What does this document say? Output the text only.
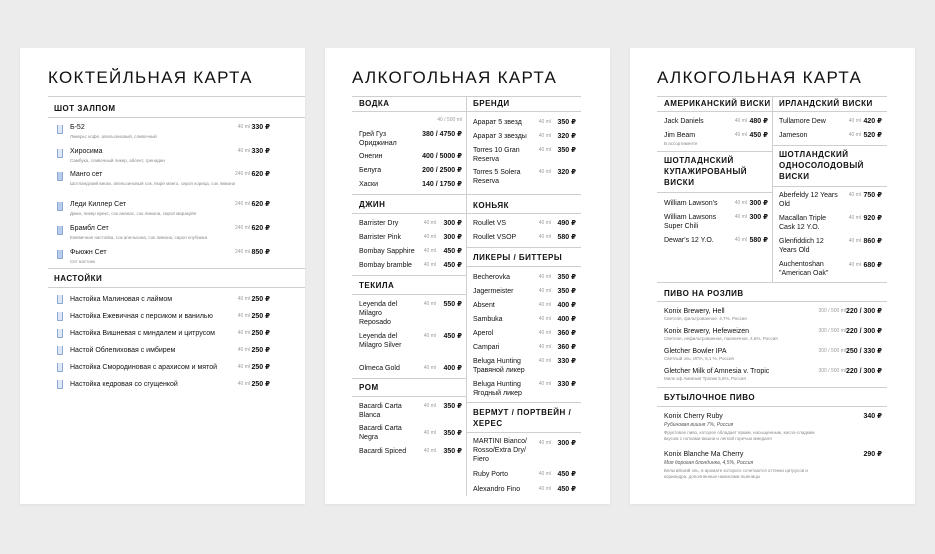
КОКТЕЙЛЬНАЯ КАРТА
ШОТ ЗАЛПОМ
Б-52
Ликеры: кофе, апельсиновый, сливочный
40 ml 330 ₽
Хиросима
Самбука, сливочный ликер, абсент, гренадин
40 ml 330 ₽
Манго сет
Шотландский виски, апельсиновый сок, пюре манго, сироп корица, сок лимона
240 ml 620 ₽
Леди Киллер Сет
Джин, ликер ирекс, сок ананас, сок лимона, сироп маракуйя
240 ml 620 ₽
Брамбл Сет
Ежевичная настойка, сок апельсина, сок лимона, сироп клубника
240 ml 620 ₽
Фьюжн Сет
Сет настоек
240 ml 850 ₽
НАСТОЙКИ
Настойка Малиновая с лаймом	40 ml 250 ₽
Настойка Ежевичная с персиком и ванилью	40 ml 250 ₽
Настойка Вишневая с миндалем и цитрусом	40 ml 250 ₽
Настой Облепиховая с имбирем	40 ml 250 ₽
Настойка Смородиновая с арахисом и мятой	40 ml 250 ₽
Настойка кедровая со сгущенкой	40 ml 250 ₽
АЛКОГОЛЬНАЯ КАРТА
ВОДКА
40 / 500 ml
Грей Гуз Ориджинал
380 / 4750 ₽
Онегин	400 / 5000 ₽
Белуга	200 / 2500 ₽
Хаски	140 / 1750 ₽
ДЖИН
Barrister Dry	40 ml	300 ₽
Barrister Pink	40 ml	300 ₽
Bombay Sapphire	40 ml	450 ₽
Bombay bramble	40 ml	450 ₽
ТЕКИЛА
Leyenda del Milagro Reposado
40 ml	550 ₽
Leyenda del Milagro Silver
40 ml	450 ₽
Olmeca Gold	40 ml	400 ₽
РОМ
Bacardi Carta Blanca
40 ml	350 ₽
Bacardi Carta Negra
40 ml	350 ₽
Bacardi Spiced	40 ml	350 ₽
БРЕНДИ
Арарат 5 звезд	40 ml 350 ₽
Арарат 3 звезды	40 ml 320 ₽
Torres 10 Gran Reserva
40 ml 350 ₽
Torres 5 Solera Reserva
40 ml 320 ₽
КОНЬЯК
Roullet VS	40 ml 490 ₽
Roullet VSOP	40 ml 580 ₽
ЛИКЕРЫ / БИТТЕРЫ
Becherovka	40 ml 350 ₽
Jagermeister	40 ml 350 ₽
Absent	40 ml 400 ₽
Sambuka	40 ml 400 ₽
Aperol	40 ml 360 ₽
Campari	40 ml 360 ₽
Beluga Hunting Травяной ликер
40 ml 330 ₽
Beluga Hunting Ягодный ликер
40 ml 330 ₽
ВЕРМУТ / ПОРТВЕЙН / ХЕРЕС
MARTINI Bianco/ Rosso/Extra Dry/ Fiero
40 ml 300 ₽
Ruby Porto	40 ml 450 ₽
Alexandro Fino	40 ml 450 ₽
АЛКОГОЛЬНАЯ КАРТА
АМЕРИКАНСКИЙ ВИСКИ
Jack Daniels	40 ml 480 ₽
Jim Beam
В ассортименте
40 ml 450 ₽
ШОТЛАДНСКИЙ КУПАЖИРОВАНЫЙ ВИСКИ
William Lawson's	40 ml 300 ₽
William Lawsons Super Chili
40 ml 300 ₽
Dewar's 12 Y.O.	40 ml 580 ₽
ИРЛАНДСКИЙ ВИСКИ
Tullamore Dew	40 ml 420 ₽
Jameson	40 ml 520 ₽
ШОТЛАНДСКИЙ ОДНОСОЛОДОВЫЙ ВИСКИ
Aberfeldy 12 Years Old
40 ml 750 ₽
Macallan Triple Cask 12 Y.O.
40 ml 920 ₽
Glenfiddich 12 Years Old
40 ml 860 ₽
Auchentoshan "American Oak"
40 ml 680 ₽
ПИВО НА РОЗЛИВ
Konix Brewery, Hell
Светлое, фильтрованное, 4,7%, Россия
300 / 500 ml 220 / 300 ₽
Konix Brewery, Hefeweizen
Светлое, нефильтрованное, пшеничное, 4,6%, Россия
300 / 500 ml 220 / 300 ₽
Gletcher Bowler IPA
Светлый эль, ИПА, 6,1 %, Россия
300 / 500 ml 250 / 330 ₽
Gletcher Milk of Amnesia v. Tropic
Милк эф Амнезия Тропик 5,5%, Россия
300 / 500 ml 220 / 300 ₽
БУТЫЛОЧНОЕ ПИВО
Konix Cherry Ruby
Рубиновая вишня 7%, Россия
Фруктовое пиво, которое обладает ярким, насыщенным, кисло-сладким
вкусом с нотками вишни и легкой горечью миндаля
340 ₽
Konix Blanche Ma Cherry
Моя дорогая блондинка, 4,5%, Россия
Бельгийский эль, в аромате которого сочетаются оттенки цитрусов и
кориандра, дополненные нюансами пшеницы
290 ₽
